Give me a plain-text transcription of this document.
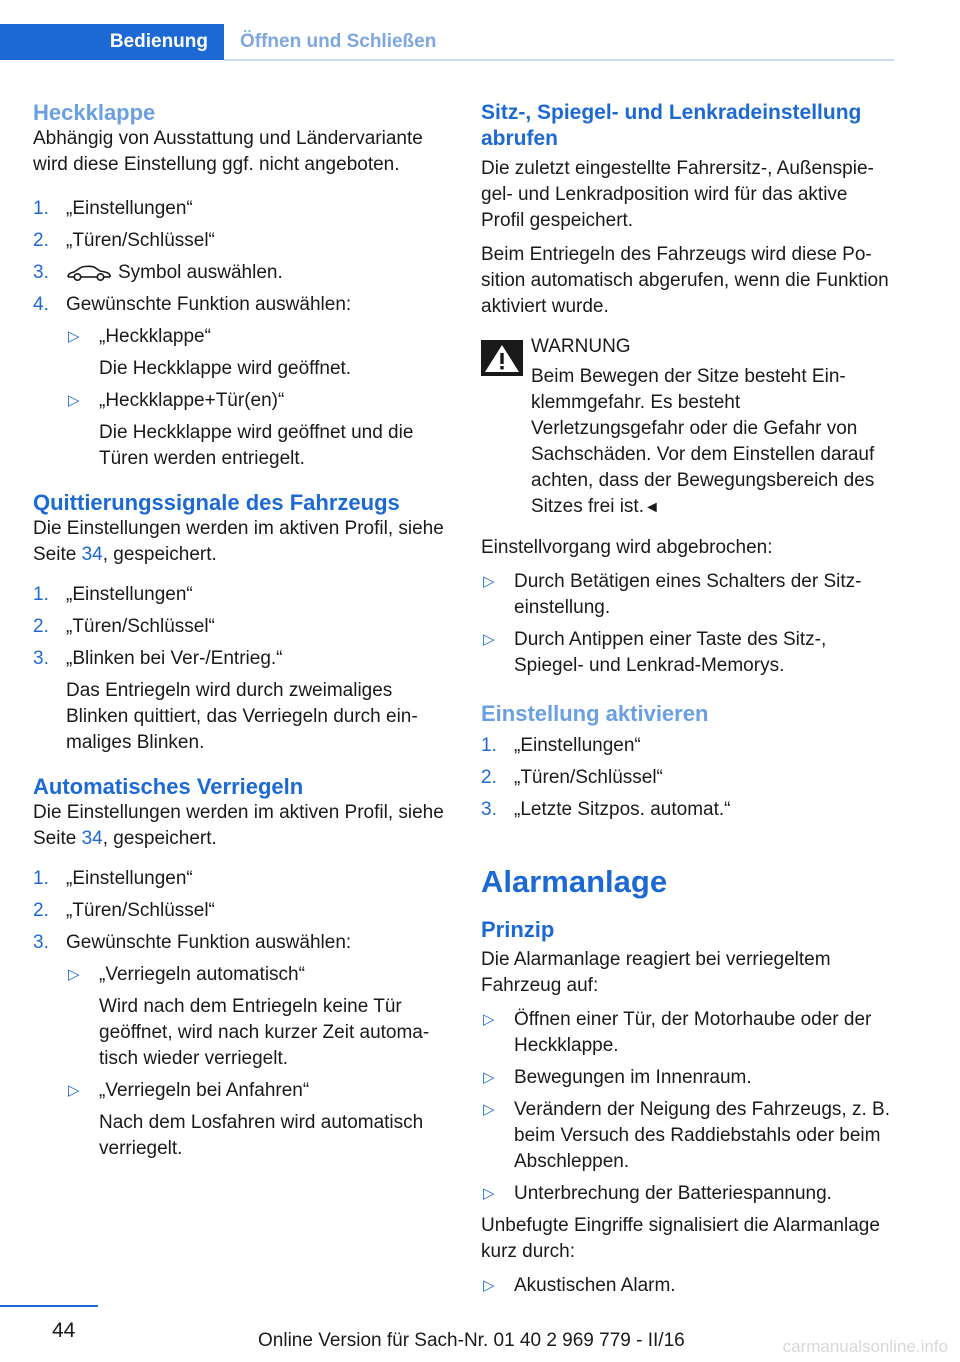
Bedienung	Öffnen und Schließen
Heckklappe

Abhängig von Ausstattung und Ländervariante wird diese Einstellung ggf. nicht angeboten.

1. „Einstellungen“
2. „Türen/Schlüssel“
3.	Symbol auswählen.
4. Gewünschte Funktion auswählen:
▷ „Heckklappe“
Die Heckklappe wird geöffnet.
▷ „Heckklappe+Tür(en)“
Die Heckklappe wird geöffnet und die Türen werden entriegelt.
Quittierungssignale des Fahrzeugs

Die Einstellungen werden im aktiven Profil, siehe Seite 34, gespeichert.

1. „Einstellungen“
2. „Türen/Schlüssel“
3. „Blinken bei Ver-/Entrieg.“
Das Entriegeln wird durch zweimaliges Blinken quittiert, das Verriegeln durch einmaliges Blinken.
Automatisches Verriegeln

Die Einstellungen werden im aktiven Profil, siehe Seite 34, gespeichert.

1. „Einstellungen“
2. „Türen/Schlüssel“
3. Gewünschte Funktion auswählen:
▷ „Verriegeln automatisch“
Wird nach dem Entriegeln keine Tür geöffnet, wird nach kurzer Zeit automatisch wieder verriegelt.
▷ „Verriegeln bei Anfahren“
Nach dem Losfahren wird automatisch verriegelt.
Sitz-, Spiegel- und Lenkradeinstellung abrufen

Die zuletzt eingestellte Fahrersitz-, Außenspiegel- und Lenkradposition wird für das aktive Profil gespeichert.

Beim Entriegeln des Fahrzeugs wird diese Position automatisch abgerufen, wenn die Funktion aktiviert wurde.

WARNUNG
Beim Bewegen der Sitze besteht Einklemmgefahr. Es besteht Verletzungsgefahr oder die Gefahr von Sachschäden. Vor dem Einstellen darauf achten, dass der Bewegungsbereich des Sitzes frei ist.◄

Einstellvorgang wird abgebrochen:

▷ Durch Betätigen eines Schalters der Sitzeinstellung.
▷ Durch Antippen einer Taste des Sitz-, Spiegel- und Lenkrad-Memorys.
Einstellung aktivieren
1. „Einstellungen“
2. „Türen/Schlüssel“
3. „Letzte Sitzpos. automat.“
Alarmanlage
Prinzip

Die Alarmanlage reagiert bei verriegeltem Fahrzeug auf:

▷ Öffnen einer Tür, der Motorhaube oder der Heckklappe.
▷ Bewegungen im Innenraum.
▷ Verändern der Neigung des Fahrzeugs, z. B. beim Versuch des Raddiebstahls oder beim Abschleppen.
▷ Unterbrechung der Batteriespannung.

Unbefugte Eingriffe signalisiert die Alarmanlage kurz durch:

▷ Akustischen Alarm.
44	Online Version für Sach-Nr. 01 40 2 969 779 - II/16	carmanualsonline.info
